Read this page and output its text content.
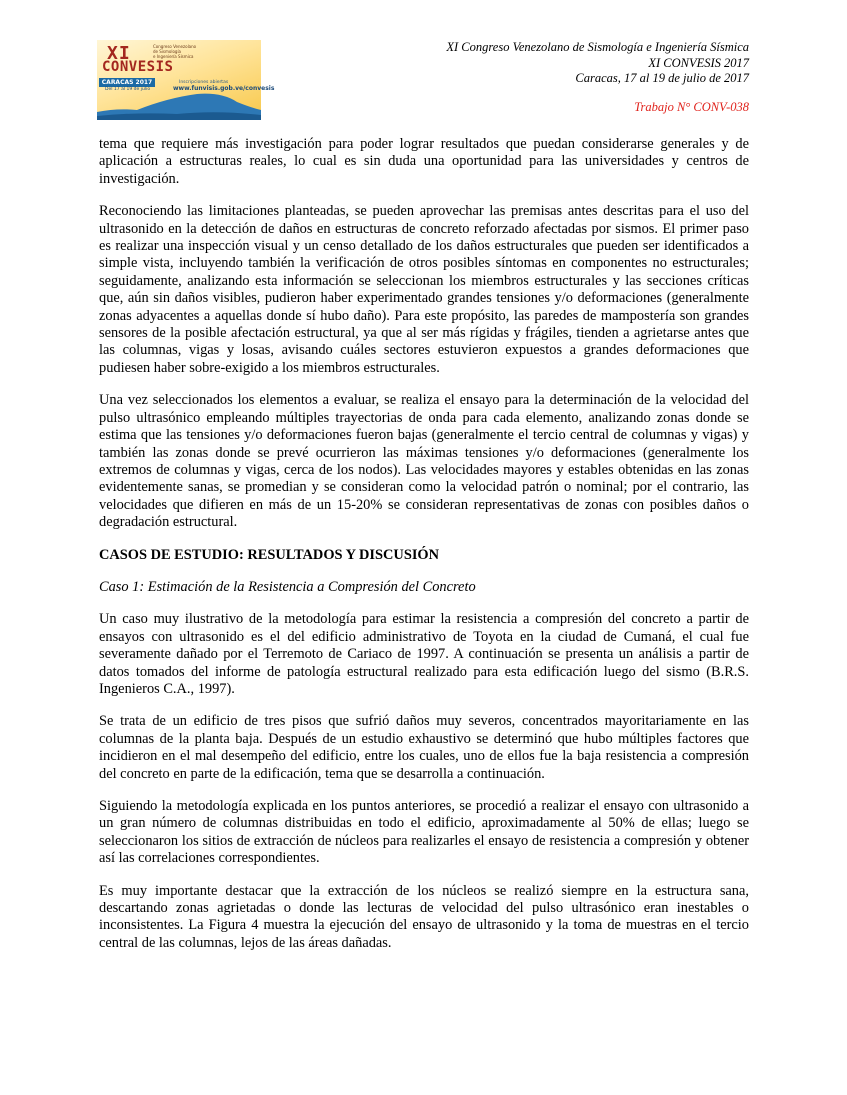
XI
CONVESIS
Congreso Venezolano
de Sismología
e Ingeniería Sísmica
CARACAS 2017
Del 17 al 19 de julio
Inscripciones abiertas
www.funvisis.gob.ve/convesis
XI Congreso Venezolano de Sismología e Ingeniería Sísmica
XI CONVESIS 2017
Caracas, 17 al 19 de julio de 2017
Trabajo N° CONV-038

tema que requiere más investigación para poder lograr resultados que puedan considerarse generales y de aplicación a estructuras reales, lo cual es sin duda una oportunidad para las universidades y centros de investigación.

Reconociendo las limitaciones planteadas, se pueden aprovechar las premisas antes descritas para el uso del ultrasonido en la detección de daños en estructuras de concreto reforzado afectadas por sismos. El primer paso es realizar una inspección visual y un censo detallado de los daños estructurales que pueden ser identificados a simple vista, incluyendo también la verificación de otros posibles síntomas en componentes no estructurales; seguidamente, analizando esta información se seleccionan los miembros estructurales y las secciones críticas que, aún sin daños visibles, pudieron haber experimentado grandes tensiones y/o deformaciones (generalmente zonas adyacentes a aquellas donde sí hubo daño). Para este propósito, las paredes de mampostería son grandes sensores de la posible afectación estructural, ya que al ser más rígidas y frágiles, tienden a agrietarse antes que las columnas, vigas y losas, avisando cuáles sectores estuvieron expuestos a grandes deformaciones que pudiesen haber sobre-exigido a los miembros estructurales.

Una vez seleccionados los elementos a evaluar, se realiza el ensayo para la determinación de la velocidad del pulso ultrasónico empleando múltiples trayectorias de onda para cada elemento, analizando zonas donde se estima que las tensiones y/o deformaciones fueron bajas (generalmente el tercio central de columnas y vigas) y también las zonas donde se prevé ocurrieron las máximas tensiones y/o deformaciones (generalmente los extremos de columnas y vigas, cerca de los nodos). Las velocidades mayores y estables obtenidas en las zonas evidentemente sanas, se promedian y se consideran como la velocidad patrón o nominal; por el contrario, las velocidades que difieren en más de un 15-20% se consideran representativas de zonas con posibles daños o degradación estructural.

CASOS DE ESTUDIO: RESULTADOS Y DISCUSIÓN
Caso 1: Estimación de la Resistencia a Compresión del Concreto

Un caso muy ilustrativo de la metodología para estimar la resistencia a compresión del concreto a partir de ensayos con ultrasonido es el del edificio administrativo de Toyota en la ciudad de Cumaná, el cual fue severamente dañado por el Terremoto de Cariaco de 1997. A continuación se presenta un análisis a partir de datos tomados del informe de patología estructural realizado para esta edificación luego del sismo (B.R.S. Ingenieros C.A., 1997).

Se trata de un edificio de tres pisos que sufrió daños muy severos, concentrados mayoritariamente en las columnas de la planta baja. Después de un estudio exhaustivo se determinó que hubo múltiples factores que incidieron en el mal desempeño del edificio, entre los cuales, uno de ellos fue la baja resistencia a compresión del concreto en parte de la edificación, tema que se desarrolla a continuación.

Siguiendo la metodología explicada en los puntos anteriores, se procedió a realizar el ensayo con ultrasonido a un gran número de columnas distribuidas en todo el edificio, aproximadamente al 50% de ellas; luego se seleccionaron los sitios de extracción de núcleos para realizarles el ensayo de resistencia a compresión y obtener así las correlaciones correspondientes.

Es muy importante destacar que la extracción de los núcleos se realizó siempre en la estructura sana, descartando zonas agrietadas o donde las lecturas de velocidad del pulso ultrasónico eran inestables o inconsistentes. La Figura 4 muestra la ejecución del ensayo de ultrasonido y la toma de muestras en el tercio central de las columnas, lejos de las áreas dañadas.
